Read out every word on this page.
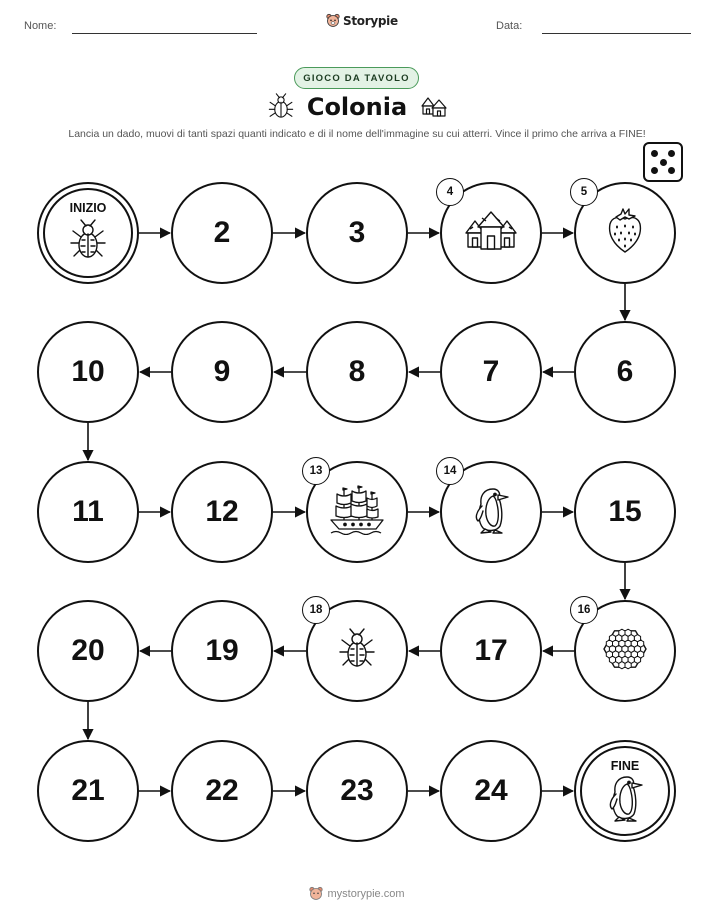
Nome:	Storypie	Data:
GIOCO DA TAVOLO
Colonia
Lancia un dado, muovi di tanti spazi quanti indicato e di il nome dell'immagine su cui atterri. Vince il primo che arriva a FINE!
INIZIO
2	3
4	5
6
7
8
9
10
11	12
13	14
15
16
17
18
19
20
21	22	23	24
FINE
mystorypie.com
